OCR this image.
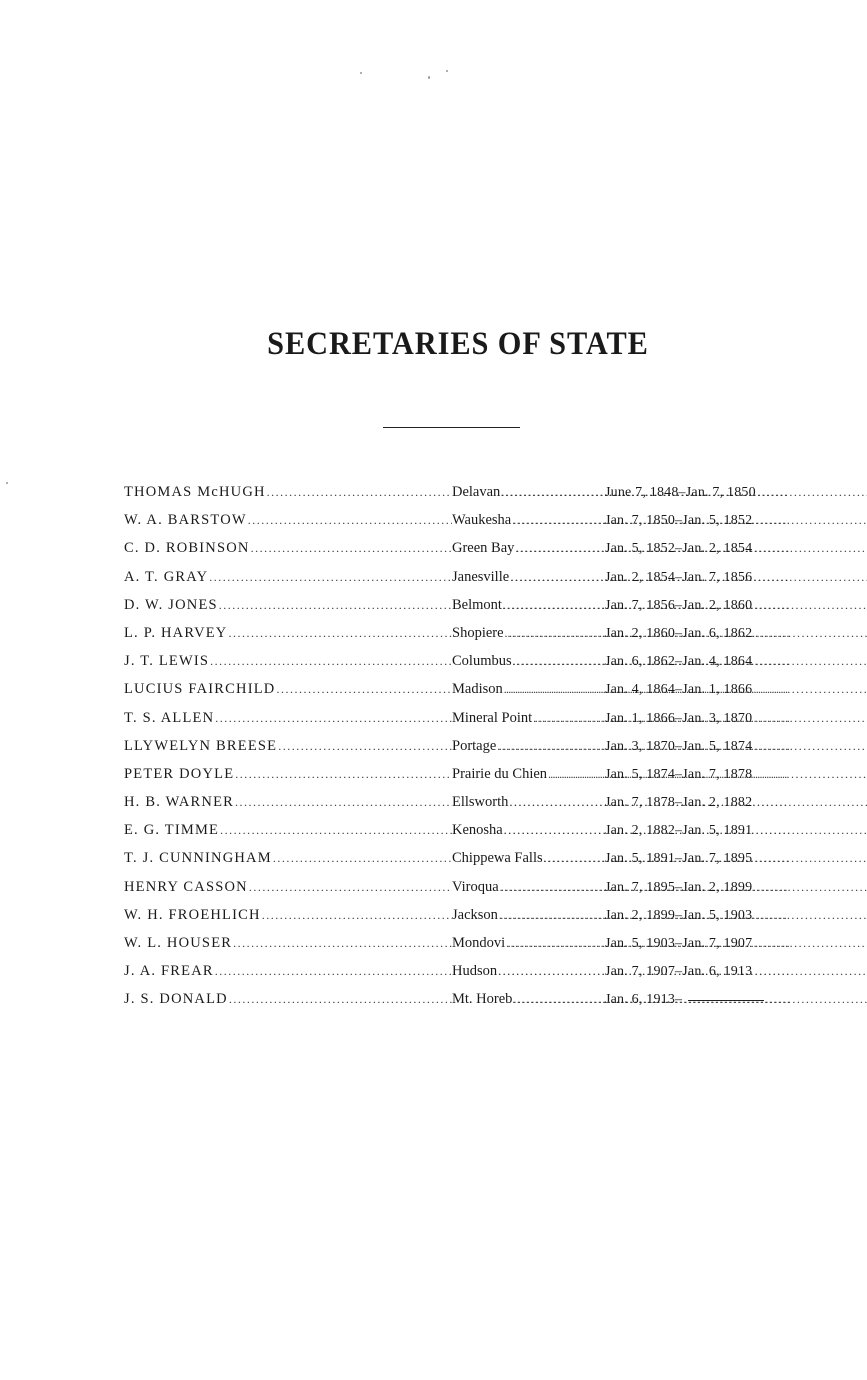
SECRETARIES OF STATE
THOMAS McHUGH .....	Delavan .....	June 7, 1848–Jan. 7, 1850
W. A. BARSTOW .....	Waukesha .....	Jan. 7, 1850–Jan. 5, 1852
C. D. ROBINSON .....	Green Bay .....	Jan. 5, 1852–Jan. 2, 1854
A. T. GRAY .....	Janesville .....	Jan. 2, 1854–Jan. 7, 1856
D. W. JONES .....	Belmont .....	Jan. 7, 1856–Jan. 2, 1860
L. P. HARVEY .....	Shopiere .....	Jan. 2, 1860–Jan. 6, 1862
J. T. LEWIS .....	Columbus .....	Jan. 6, 1862–Jan. 4, 1864
LUCIUS FAIRCHILD .....	Madison .....	Jan. 4, 1864–Jan. 1, 1866
T. S. ALLEN .....	Mineral Point .....	Jan. 1, 1866–Jan. 3, 1870
LLYWELYN BREESE .....	Portage .....	Jan. 3, 1870–Jan. 5, 1874
PETER DOYLE .....	Prairie du Chien .....	Jan. 5, 1874–Jan. 7, 1878
H. B. WARNER .....	Ellsworth .....	Jan. 7, 1878–Jan. 2, 1882
E. G. TIMME .....	Kenosha .....	Jan. 2, 1882–Jan. 5, 1891
T. J. CUNNINGHAM .....	Chippewa Falls .....	Jan. 5, 1891–Jan. 7, 1895
HENRY CASSON .....	Viroqua .....	Jan. 7, 1895–Jan. 2, 1899
W. H. FROEHLICH .....	Jackson .....	Jan. 2, 1899–Jan. 5, 1903
W. L. HOUSER .....	Mondovi .....	Jan. 5, 1903–Jan. 7, 1907
J. A. FREAR .....	Hudson .....	Jan. 7, 1907–Jan. 6, 1913
J. S. DONALD .....	Mt. Horeb .....	Jan. 6, 1913–
